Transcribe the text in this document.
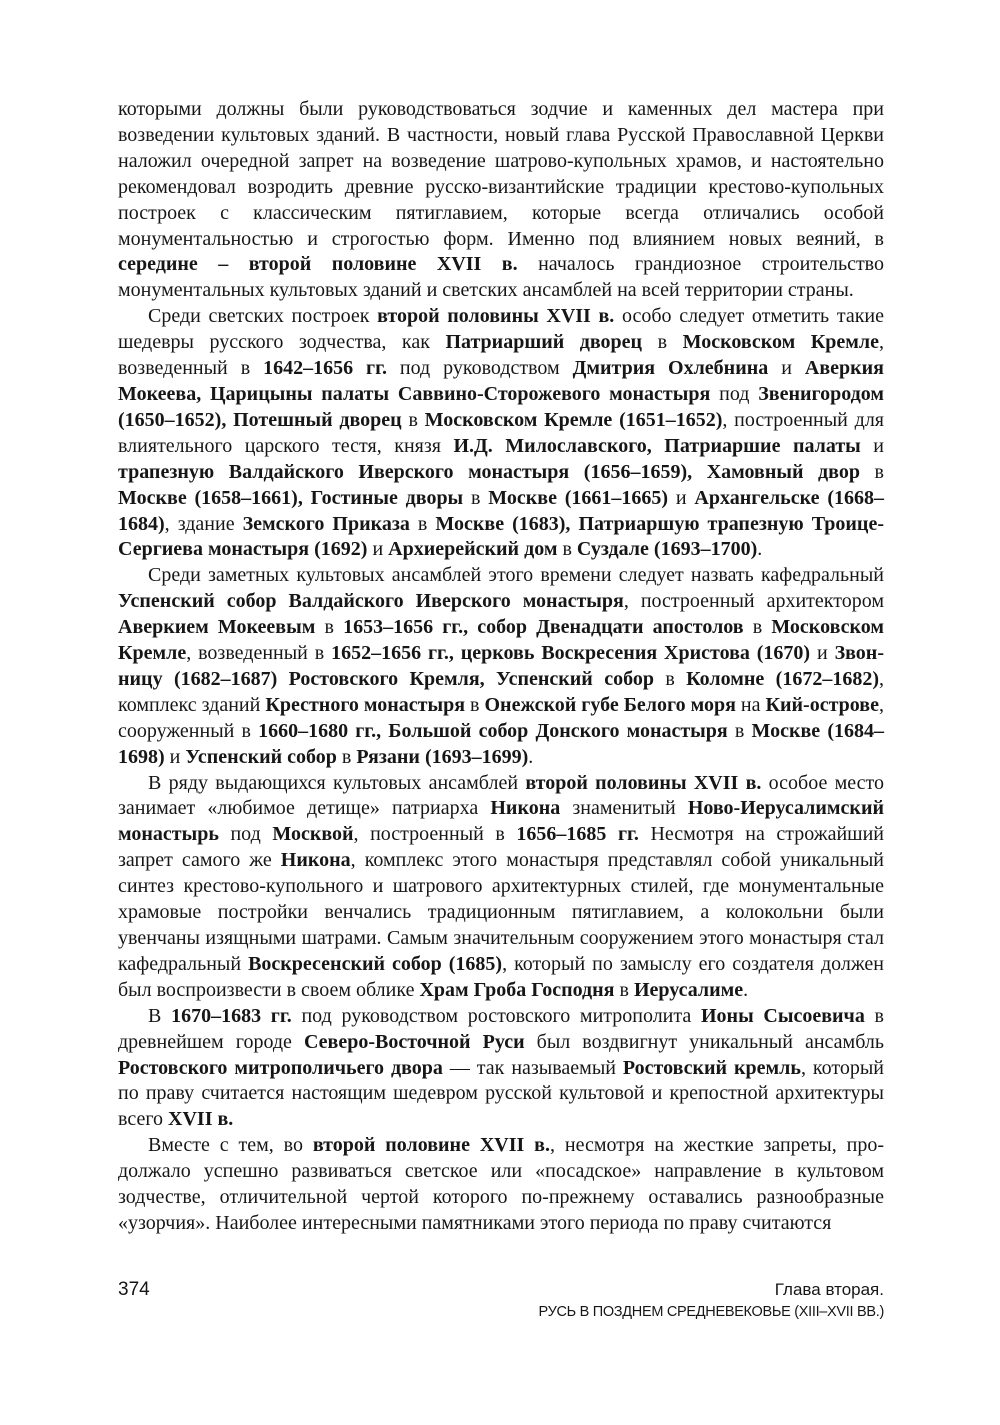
которыми должны были руководствоваться зодчие и каменных дел мастера при возведении культовых зданий. В частности, новый глава Русской Православной Церкви наложил очередной запрет на возведение шатрово-купольных храмов, и настоятельно рекомендовал возродить древние русско-византийские традиции крестово-купольных построек с классическим пятиглавием, которые всегда отличались особой монументальностью и строгостью форм. Именно под влиянием новых веяний, в середине – второй половине XVII в. началось грандиозное строительство монументальных культовых зданий и светских ансамблей на всей территории страны.

Среди светских построек второй половины XVII в. особо следует отметить такие шедевры русского зодчества, как Патриарший дворец в Московском Кремле, возведенный в 1642–1656 гг. под руководством Дмитрия Охлебнина и Аверкия Мокеева, Царицыны палаты Саввино-Сторожевого монастыря под Звенигородом (1650–1652), Потешный дворец в Московском Кремле (1651–1652), построенный для влиятельного царского тестя, князя И.Д. Милославского, Патриаршие палаты и трапезную Валдайского Иверского монастыря (1656–1659), Хамовный двор в Москве (1658–1661), Гостиные дворы в Москве (1661–1665) и Архангельске (1668–1684), здание Земского Приказа в Москве (1683), Патриаршую трапезную Троице-Сергиева монастыря (1692) и Архиерейский дом в Суздале (1693–1700).

Среди заметных культовых ансамблей этого времени следует назвать кафедральный Успенский собор Валдайского Иверского монастыря, построенный архитектором Аверкием Мокеевым в 1653–1656 гг., собор Двенадцати апостолов в Московском Кремле, возведенный в 1652–1656 гг., церковь Воскресения Христова (1670) и Звонницу (1682–1687) Ростовского Кремля, Успенский собор в Коломне (1672–1682), комплекс зданий Крестного монастыря в Онежской губе Белого моря на Кий-острове, сооруженный в 1660–1680 гг., Большой собор Донского монастыря в Москве (1684–1698) и Успенский собор в Рязани (1693–1699).

В ряду выдающихся культовых ансамблей второй половины XVII в. особое место занимает «любимое детище» патриарха Никона знаменитый Ново-Иерусалимский монастырь под Москвой, построенный в 1656–1685 гг. Несмотря на строжайший запрет самого же Никона, комплекс этого монастыря представлял собой уникальный синтез крестово-купольного и шатрового архитектурных стилей, где монументальные храмовые постройки венчались традиционным пятиглавием, а колокольни были увенчаны изящными шатрами. Самым значительным сооружением этого монастыря стал кафедральный Воскресенский собор (1685), который по замыслу его создателя должен был воспроизвести в своем облике Храм Гроба Господня в Иерусалиме.

В 1670–1683 гг. под руководством ростовского митрополита Ионы Сысоевича в древнейшем городе Северо-Восточной Руси был воздвигнут уникальный ансамбль Ростовского митрополичьего двора — так называемый Ростовский кремль, который по праву считается настоящим шедевром русской культовой и крепостной архитектуры всего XVII в.

Вместе с тем, во второй половине XVII в., несмотря на жесткие запреты, продолжало успешно развиваться светское или «посадское» направление в культовом зодчестве, отличительной чертой которого по-прежнему оставались разнообразные «узорчия». Наиболее интересными памятниками этого периода по праву считаются

374	Глава вторая.
РУСЬ В ПОЗДНЕМ СРЕДНЕВЕКОВЬЕ (XIII–XVII ВВ.)
